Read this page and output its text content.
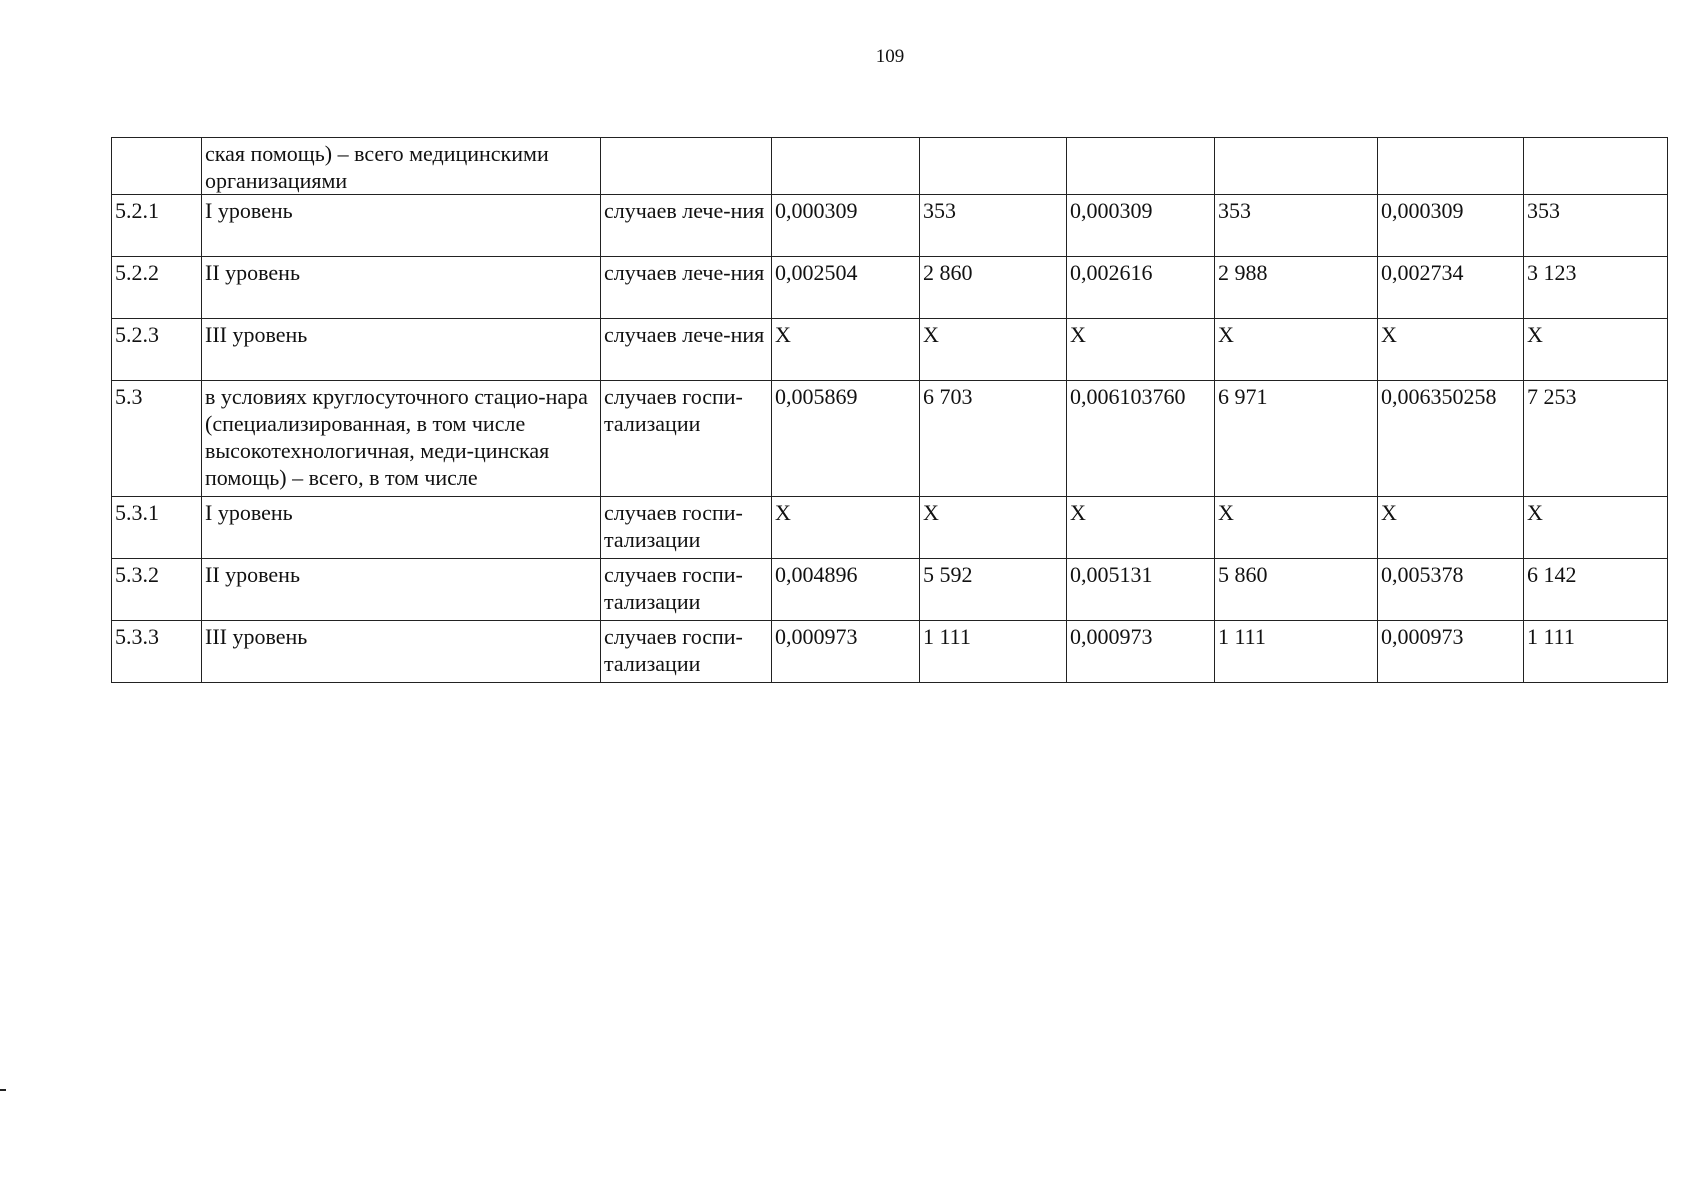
109
	ская помощь) – всего медицинскими организациями							
5.2.1	I уровень	случаев лече-ния	0,000309	353	0,000309	353	0,000309	353
5.2.2	II уровень	случаев лече-ния	0,002504	2 860	0,002616	2 988	0,002734	3 123
5.2.3	III уровень	случаев лече-ния	X	X	X	X	X	X
5.3	в условиях круглосуточного стацио-нара (специализированная, в том числе высокотехнологичная, меди-цинская помощь) – всего, в том числе	случаев госпи-тализации	0,005869	6 703	0,006103760	6 971	0,006350258	7 253
5.3.1	I уровень	случаев госпи-тализации	X	X	X	X	X	X
5.3.2	II уровень	случаев госпи-тализации	0,004896	5 592	0,005131	5 860	0,005378	6 142
5.3.3	III уровень	случаев госпи-тализации	0,000973	1 111	0,000973	1 111	0,000973	1 111
